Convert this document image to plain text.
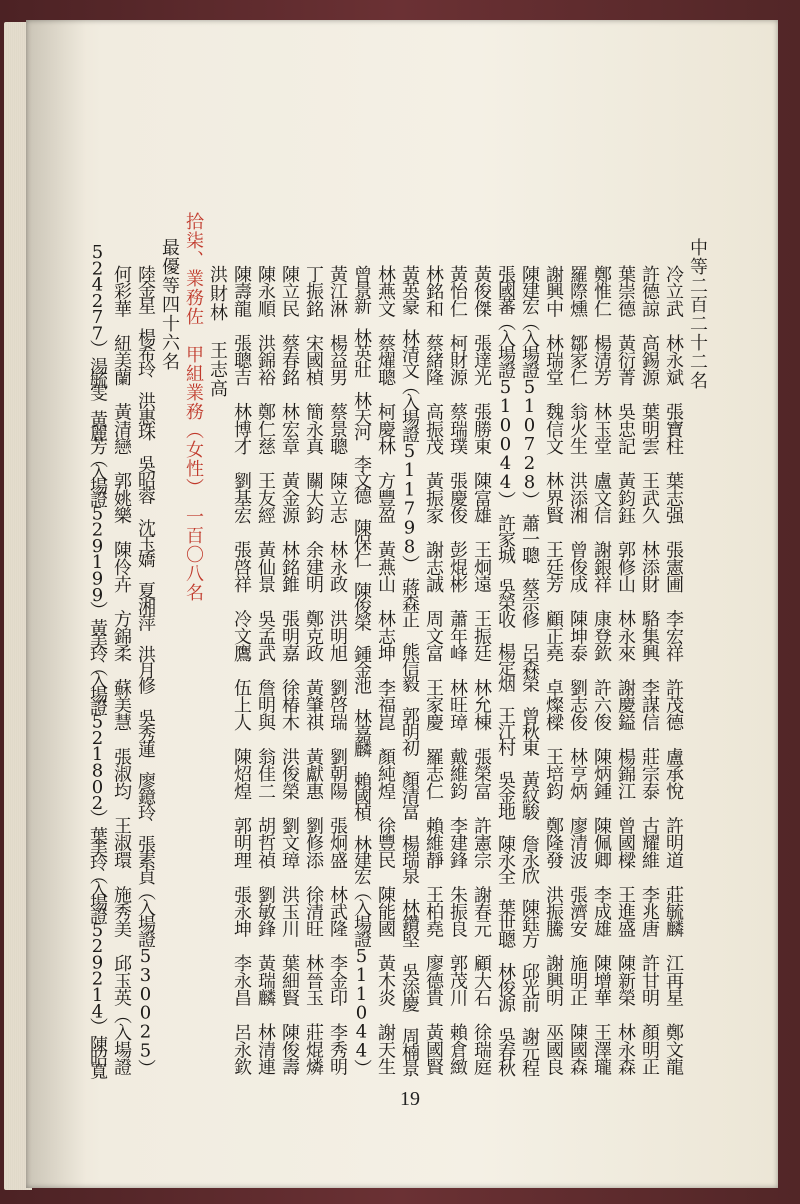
中等二百二十二名
冷立武　林永斌　張寶柱　葉志强　張憲圃　李宏祥　許茂德　盧承悅　許明道　莊毓麟　江再星　鄭文龍
許德諒　高錫源　葉明雲　王武久　林添財　駱集興　李謀信　莊宗泰　古耀維　李兆唐　許甘明　顏明正
葉崇德　黃衍菁　吳忠記　黃鈞鈺　郭修山　林永來　謝慶鎰　楊錦江　曾國樑　王進盛　陳新榮　林永森
鄭惟仁　楊清芳　林玉堂　盧文信　謝銀祥　康登欽　許六俊　陳炳鍾　陳佩卿　李成雄　陳增華　王澤瓏
羅際燻　鄒家仁　翁火生　洪添湘　曾俊成　陳坤泰　劉志俊　林亨炳　廖清波　張濟安　施明正　陳國森
謝興中　林瑞堂　魏信文　林界賢　王廷芳　顧正堯　卓燦樑　王培鈞　鄭隆發　洪振騰　謝興明　巫國良
陳建宏（入場證510728）　蕭一聰　蔡宗修　呂森榮　曾秋東　黃紋駿　詹永欣　陳鈺方　邱光前　謝元程
張國蕃（入場證510044）　許家城　吳榮收　楊定烟　王江村　吳金地　陳永全　葉世聰　林俊源　吳春秋
黃俊傑　張達光　張勝東　陳富雄　王炯遠　王振廷　林允棟　張榮富　許憲宗　謝春元　顧大石　徐瑞庭
黃怡仁　柯財源　蔡瑞璞　張慶俊　彭焜彬　蕭年峰　林旺璋　戴維鈞　李建鋒　朱振良　郭茂川　賴倉緻
林銘和　蔡緒隆　高振茂　黃振家　謝志誠　周文富　王家慶　羅志仁　賴維靜　王柏堯　廖德貴　黃國賢
黃英豪　林清文（入場證511798）　蔣森正　熊信毅　郭明初　顏清富　楊瑞泉　林鑽堅　吳添慶　周楠景
林燕文　蔡燿聰　柯慶林　方豐盈　黃燕山　林志坤　李福崑　顏純煌　徐豐民　陳能國　黃木炎　謝天生
曾景新　林英壯　林天河　李文德　陳保仁　陳俊榮　鍾金池　林嘉麟　賴國楨　林建宏（入場證511044）
黃江淋　楊益男　蔡景聰　陳立志　林永政　洪明旭　劉啓瑞　劉朝陽　張炯盛　林武隆　李金印　李秀明
丁振銘　宋國楨　簡永真　關大鈞　余建明　鄭克政　黃肇祺　黃獻惠　劉修添　徐清旺　林晉玉　莊焜燐
陳立民　蔡春銘　林宏章　黃金源　林銘錐　張明嘉　徐椿木　洪俊榮　劉文璋　洪玉川　葉細賢　陳俊壽
陳永順　洪錦裕　鄭仁慈　王友經　黃仙景　吳孟武　詹明與　翁佳二　胡哲禎　劉敏鋒　黃瑞麟　林清連
陳壽龍　張聰吉　林博才　劉基宏　張啓祥　冷文鷹　伍上人　陳炤煌　郭明理　張永坤　李永昌　呂永欽
洪財林　王志高
拾柒、業務佐　甲組業務（女性）　一百〇八名
最優等四十六名
陸金星　楊希玲　洪惠珠　吳昭蓉　沈玉嬌　夏湘萍　洪月修　吳秀蓮　廖鐿玲　張素貞（入場證530025）
何彩華　紐美蘭　黃清戀　郭姚樂　陳伶卉　方錦柔　蘇美慧　張淑均　王淑環　施秀美　邱玉英（入場證
524277）　湯毓雯　黃麗芳（入場證529199）　黃美玲（入場證521802）　葉美玲（入場證529214）　陳昭寬
19
